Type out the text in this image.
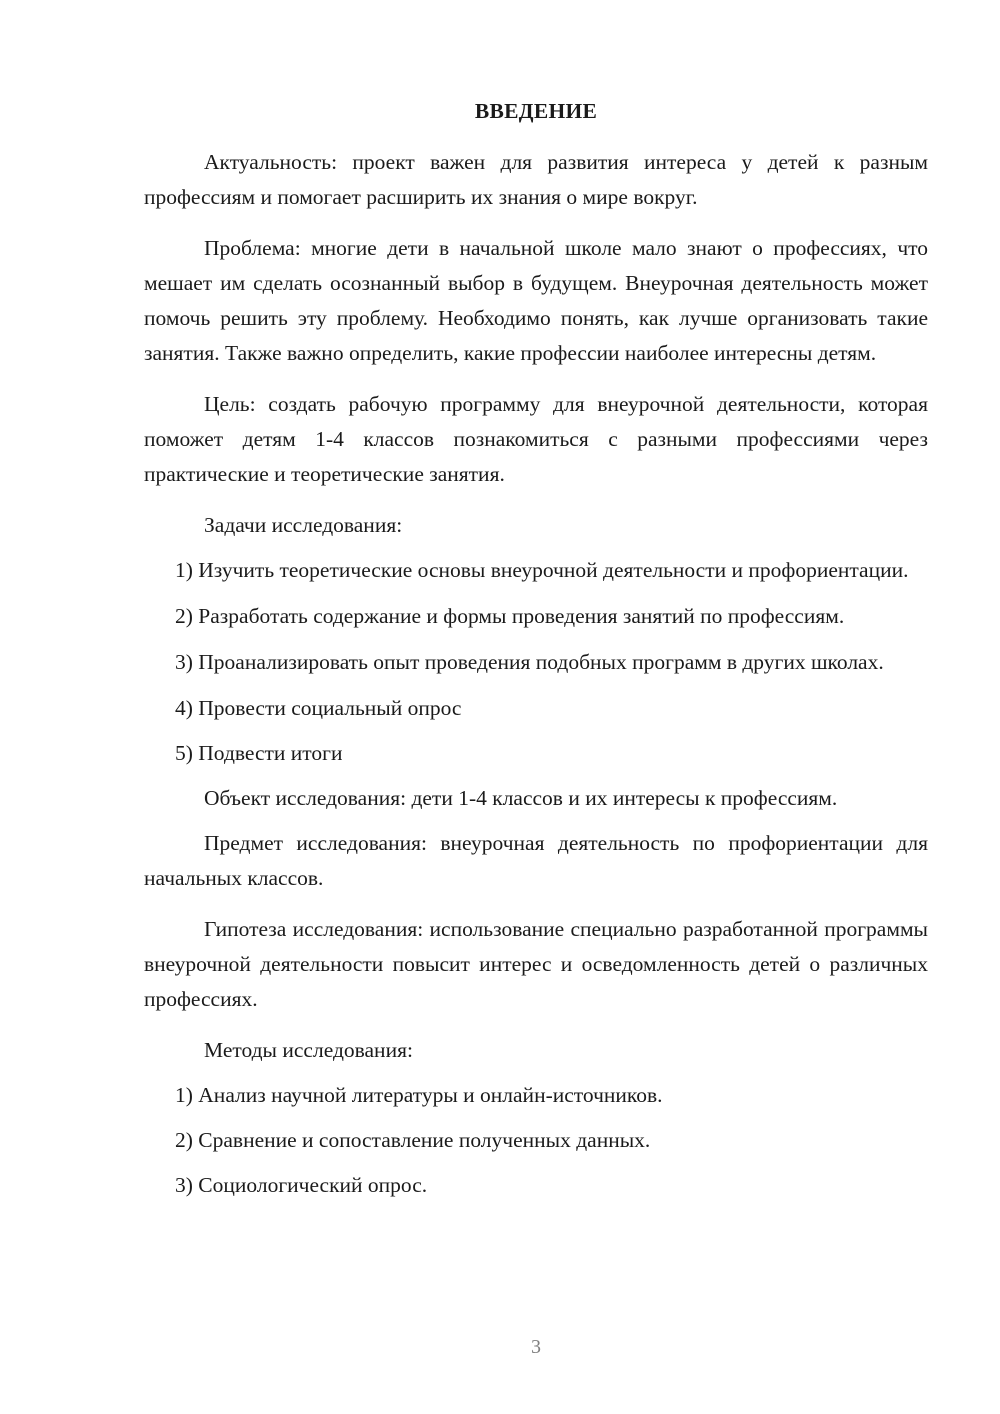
ВВЕДЕНИЕ

Актуальность: проект важен для развития интереса у детей к разным профессиям и помогает расширить их знания о мире вокруг.

Проблема: многие дети в начальной школе мало знают о профессиях, что мешает им сделать осознанный выбор в будущем. Внеурочная деятельность может помочь решить эту проблему. Необходимо понять, как лучше организовать такие занятия. Также важно определить, какие профессии наиболее интересны детям.

Цель: создать рабочую программу для внеурочной деятельности, которая поможет детям 1-4 классов познакомиться с разными профессиями через практические и теоретические занятия.

Задачи исследования:

1) Изучить теоретические основы внеурочной деятельности и профориентации.

2) Разработать содержание и формы проведения занятий по профессиям.

3) Проанализировать опыт проведения подобных программ в других школах.

4) Провести социальный опрос

5) Подвести итоги

Объект исследования: дети 1-4 классов и их интересы к профессиям.

Предмет исследования: внеурочная деятельность по профориентации для начальных классов.

Гипотеза исследования: использование специально разработанной программы внеурочной деятельности повысит интерес и осведомленность детей о различных профессиях.

Методы исследования:

1) Анализ научной литературы и онлайн-источников.

2) Сравнение и сопоставление полученных данных.

3) Социологический опрос.

3
